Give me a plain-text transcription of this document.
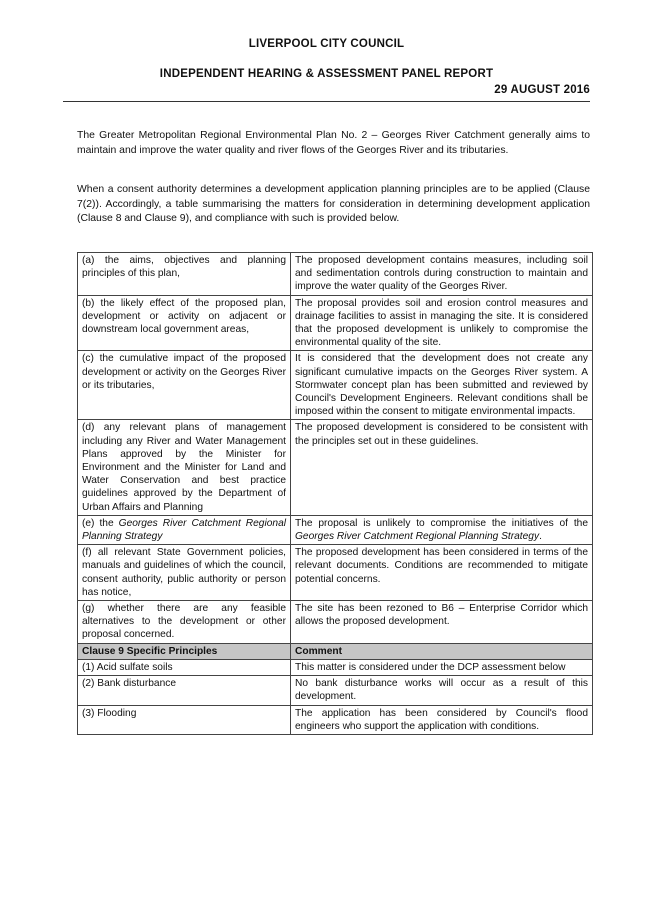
LIVERPOOL CITY COUNCIL
INDEPENDENT HEARING & ASSESSMENT PANEL REPORT
29 AUGUST 2016
The Greater Metropolitan Regional Environmental Plan No. 2 – Georges River Catchment generally aims to maintain and improve the water quality and river flows of the Georges River and its tributaries.
When a consent authority determines a development application planning principles are to be applied (Clause 7(2)). Accordingly, a table summarising the matters for consideration in determining development application (Clause 8 and Clause 9), and compliance with such is provided below.
(a) the aims, objectives and planning principles of this plan,	The proposed development contains measures, including soil and sedimentation controls during construction to maintain and improve the water quality of the Georges River.
(b) the likely effect of the proposed plan, development or activity on adjacent or downstream local government areas,	The proposal provides soil and erosion control measures and drainage facilities to assist in managing the site. It is considered that the proposed development is unlikely to compromise the environmental quality of the site.
(c) the cumulative impact of the proposed development or activity on the Georges River or its tributaries,	It is considered that the development does not create any significant cumulative impacts on the Georges River system. A Stormwater concept plan has been submitted and reviewed by Council's Development Engineers. Relevant conditions shall be imposed within the consent to mitigate environmental impacts.
(d) any relevant plans of management including any River and Water Management Plans approved by the Minister for Environment and the Minister for Land and Water Conservation and best practice guidelines approved by the Department of Urban Affairs and Planning	The proposed development is considered to be consistent with the principles set out in these guidelines.
(e) the Georges River Catchment Regional Planning Strategy	The proposal is unlikely to compromise the initiatives of the Georges River Catchment Regional Planning Strategy.
(f) all relevant State Government policies, manuals and guidelines of which the council, consent authority, public authority or person has notice,	The proposed development has been considered in terms of the relevant documents. Conditions are recommended to mitigate potential concerns.
(g) whether there are any feasible alternatives to the development or other proposal concerned.	The site has been rezoned to B6 – Enterprise Corridor which allows the proposed development.
Clause 9 Specific Principles	Comment
(1) Acid sulfate soils	This matter is considered under the DCP assessment below
(2) Bank disturbance	No bank disturbance works will occur as a result of this development.
(3) Flooding	The application has been considered by Council's flood engineers who support the application with conditions.
